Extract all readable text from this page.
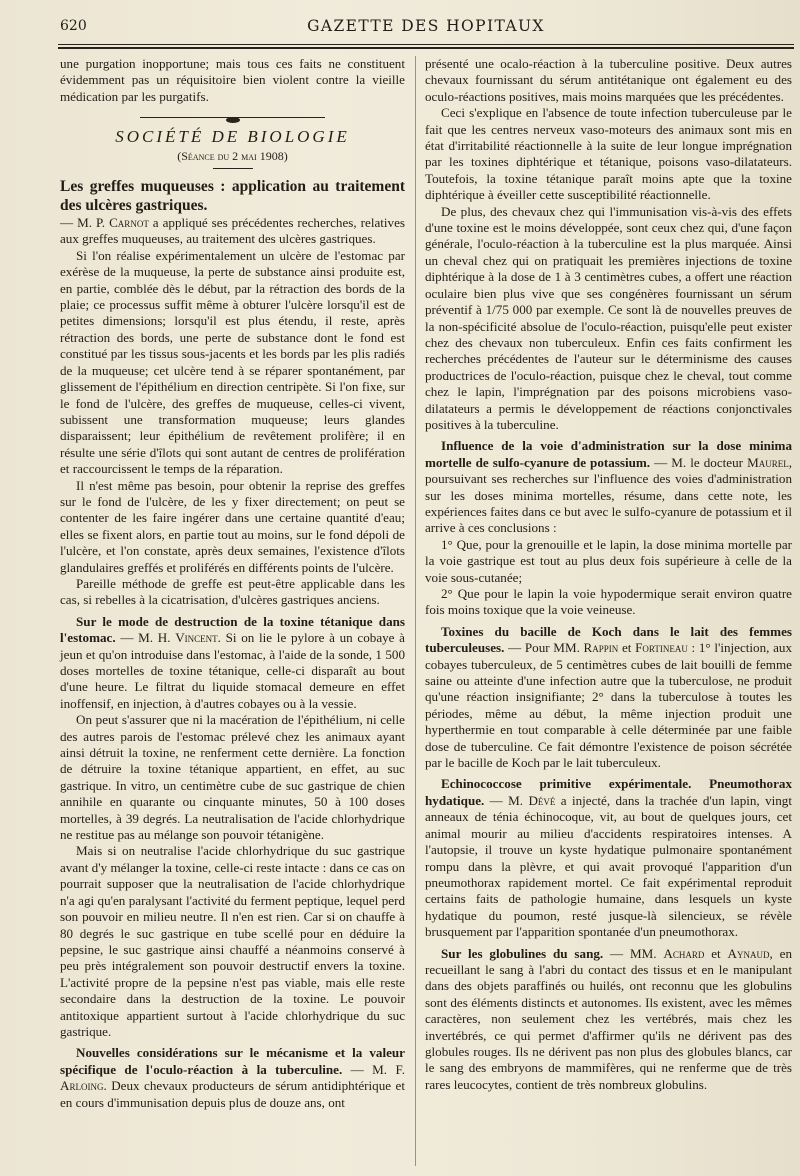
620	GAZETTE DES HOPITAUX

une purgation inopportune; mais tous ces faits ne constituent évidemment pas un réquisitoire bien violent contre la vieille médication par les purgatifs.

SOCIÉTÉ DE BIOLOGIE
(Séance du 2 mai 1908)

Les greffes muqueuses : application au traitement des ulcères gastriques.

— M. P. Carnot a appliqué ses précédentes recherches, relatives aux greffes muqueuses, au traitement des ulcères gastriques.

Si l'on réalise expérimentalement un ulcère de l'estomac par exérèse de la muqueuse, la perte de substance ainsi produite est, en partie, comblée dès le début, par la rétraction des bords de la plaie; ce processus suffit même à obturer l'ulcère lorsqu'il est de petites dimensions; lorsqu'il est plus étendu, il reste, après rétraction des bords, une perte de substance dont le fond est constitué par les tissus sous-jacents et les bords par les plis radiés de la muqueuse; cet ulcère tend à se réparer spontanément, par glissement de l'épithélium en direction centripète. Si l'on fixe, sur le fond de l'ulcère, des greffes de muqueuse, celles-ci vivent, subissent une transformation muqueuse; leurs glandes disparaissent; leur épithélium de revêtement prolifère; il en résulte une série d'îlots qui sont autant de centres de prolifération et raccourcissent le temps de la réparation.

Il n'est même pas besoin, pour obtenir la reprise des greffes sur le fond de l'ulcère, de les y fixer directement; on peut se contenter de les faire ingérer dans une certaine quantité d'eau; elles se fixent alors, en partie tout au moins, sur le fond dépoli de l'ulcère, et l'on constate, après deux semaines, l'existence d'îlots glandulaires greffés et proliférés en différents points de l'ulcère.

Pareille méthode de greffe est peut-être applicable dans les cas, si rebelles à la cicatrisation, d'ulcères gastriques anciens.

Sur le mode de destruction de la toxine tétanique dans l'estomac. — M. H. Vincent. Si on lie le pylore à un cobaye à jeun et qu'on introduise dans l'estomac, à l'aide de la sonde, 1 500 doses mortelles de toxine tétanique, celle-ci disparaît au bout d'une heure. Le filtrat du liquide stomacal demeure en effet inoffensif, en injection, à d'autres cobayes ou à la vessie.

On peut s'assurer que ni la macération de l'épithélium, ni celle des autres parois de l'estomac prélevé chez les animaux ayant ainsi détruit la toxine, ne renferment cette dernière. La fonction de détruire la toxine tétanique appartient, en effet, au suc gastrique. In vitro, un centimètre cube de suc gastrique de chien annihile en quarante ou cinquante minutes, 50 à 100 doses mortelles, à 39 degrés. La neutralisation de l'acide chlorhydrique ne restitue pas au mélange son pouvoir tétanigène.

Mais si on neutralise l'acide chlorhydrique du suc gastrique avant d'y mélanger la toxine, celle-ci reste intacte : dans ce cas on pourrait supposer que la neutralisation de l'acide chlorhydrique n'a agi qu'en paralysant l'activité du ferment peptique, lequel perd son pouvoir en milieu neutre. Il n'en est rien. Car si on chauffe à 80 degrés le suc gastrique en tube scellé pour en déduire la pepsine, le suc gastrique ainsi chauffé a néanmoins conservé à peu près intégralement son pouvoir destructif envers la toxine. L'activité propre de la pepsine n'est pas viable, mais elle reste secondaire dans la destruction de la toxine. Le pouvoir antitoxique appartient surtout à l'acide chlorhydrique du suc gastrique.

Nouvelles considérations sur le mécanisme et la valeur spécifique de l'oculo-réaction à la tuberculine. — M. F. Arloing. Deux chevaux producteurs de sérum antidiphtérique et en cours d'immunisation depuis plus de douze ans, ont

présenté une ocalo-réaction à la tuberculine positive. Deux autres chevaux fournissant du sérum antitétanique ont également eu des oculo-réactions positives, mais moins marquées que les précédentes.

Ceci s'explique en l'absence de toute infection tuberculeuse par le fait que les centres nerveux vaso-moteurs des animaux sont mis en état d'irritabilité réactionnelle à la suite de leur longue imprégnation par les toxines diphtérique et tétanique, poisons vaso-dilatateurs. Toutefois, la toxine tétanique paraît moins apte que la toxine diphtérique à éveiller cette susceptibilité réactionnelle.

De plus, des chevaux chez qui l'immunisation vis-à-vis des effets d'une toxine est le moins développée, sont ceux chez qui, d'une façon générale, l'oculo-réaction à la tuberculine est la plus marquée. Ainsi un cheval chez qui on pratiquait les premières injections de toxine diphtérique à la dose de 1 à 3 centimètres cubes, a offert une réaction oculaire bien plus vive que ses congénères fournissant un sérum préventif à 1/75 000 par exemple. Ce sont là de nouvelles preuves de la non-spécificité absolue de l'oculo-réaction, puisqu'elle peut exister chez des chevaux non tuberculeux. Enfin ces faits confirment les recherches précédentes de l'auteur sur le déterminisme des causes productrices de l'oculo-réaction, puisque chez le cheval, tout comme chez le lapin, l'imprégnation par des poisons microbiens vaso-dilatateurs a permis le développement de réactions conjonctivales positives à la tuberculine.

Influence de la voie d'administration sur la dose minima mortelle de sulfo-cyanure de potassium. — M. le docteur Maurel, poursuivant ses recherches sur l'influence des voies d'administration sur les doses minima mortelles, résume, dans cette note, les expériences faites dans ce but avec le sulfo-cyanure de potassium et il arrive à ces conclusions :

1° Que, pour la grenouille et le lapin, la dose minima mortelle par la voie gastrique est tout au plus deux fois supérieure à celle de la voie sous-cutanée;

2° Que pour le lapin la voie hypodermique serait environ quatre fois moins toxique que la voie veineuse.

Toxines du bacille de Koch dans le lait des femmes tuberculeuses. — Pour MM. Rappin et Fortineau : 1° l'injection, aux cobayes tuberculeux, de 5 centimètres cubes de lait bouilli de femme saine ou atteinte d'une infection autre que la tuberculose, ne produit qu'une réaction insignifiante; 2° dans la tuberculose à toutes les périodes, même au début, la même injection produit une hyperthermie en tout comparable à celle déterminée par une faible dose de tuberculine. Ce fait démontre l'existence de poison sécrétée par le bacille de Koch par le lait tuberculeux.

Echinococcose primitive expérimentale. Pneumothorax hydatique. — M. Dévé a injecté, dans la trachée d'un lapin, vingt anneaux de ténia échinocoque, vit, au bout de quelques jours, cet animal mourir au milieu d'accidents respiratoires intenses. A l'autopsie, il trouve un kyste hydatique pulmonaire spontanément rompu dans la plèvre, et qui avait provoqué l'apparition d'un pneumothorax rapidement mortel. Ce fait expérimental reproduit certains faits de pathologie humaine, dans lesquels un kyste hydatique du poumon, resté jusque-là silencieux, se révèle brusquement par l'apparition spontanée d'un pneumothorax.

Sur les globulines du sang. — MM. Achard et Aynaud, en recueillant le sang à l'abri du contact des tissus et en le manipulant dans des objets paraffinés ou huilés, ont reconnu que les globulins sont des éléments distincts et autonomes. Ils existent, avec les mêmes caractères, non seulement chez les vertébrés, mais chez les invertébrés, ce qui permet d'affirmer qu'ils ne dérivent pas des globules rouges. Ils ne dérivent pas non plus des globules blancs, car le sang des embryons de mammifères, qui ne renferme que de très rares leucocytes, contient de très nombreux globulins.
